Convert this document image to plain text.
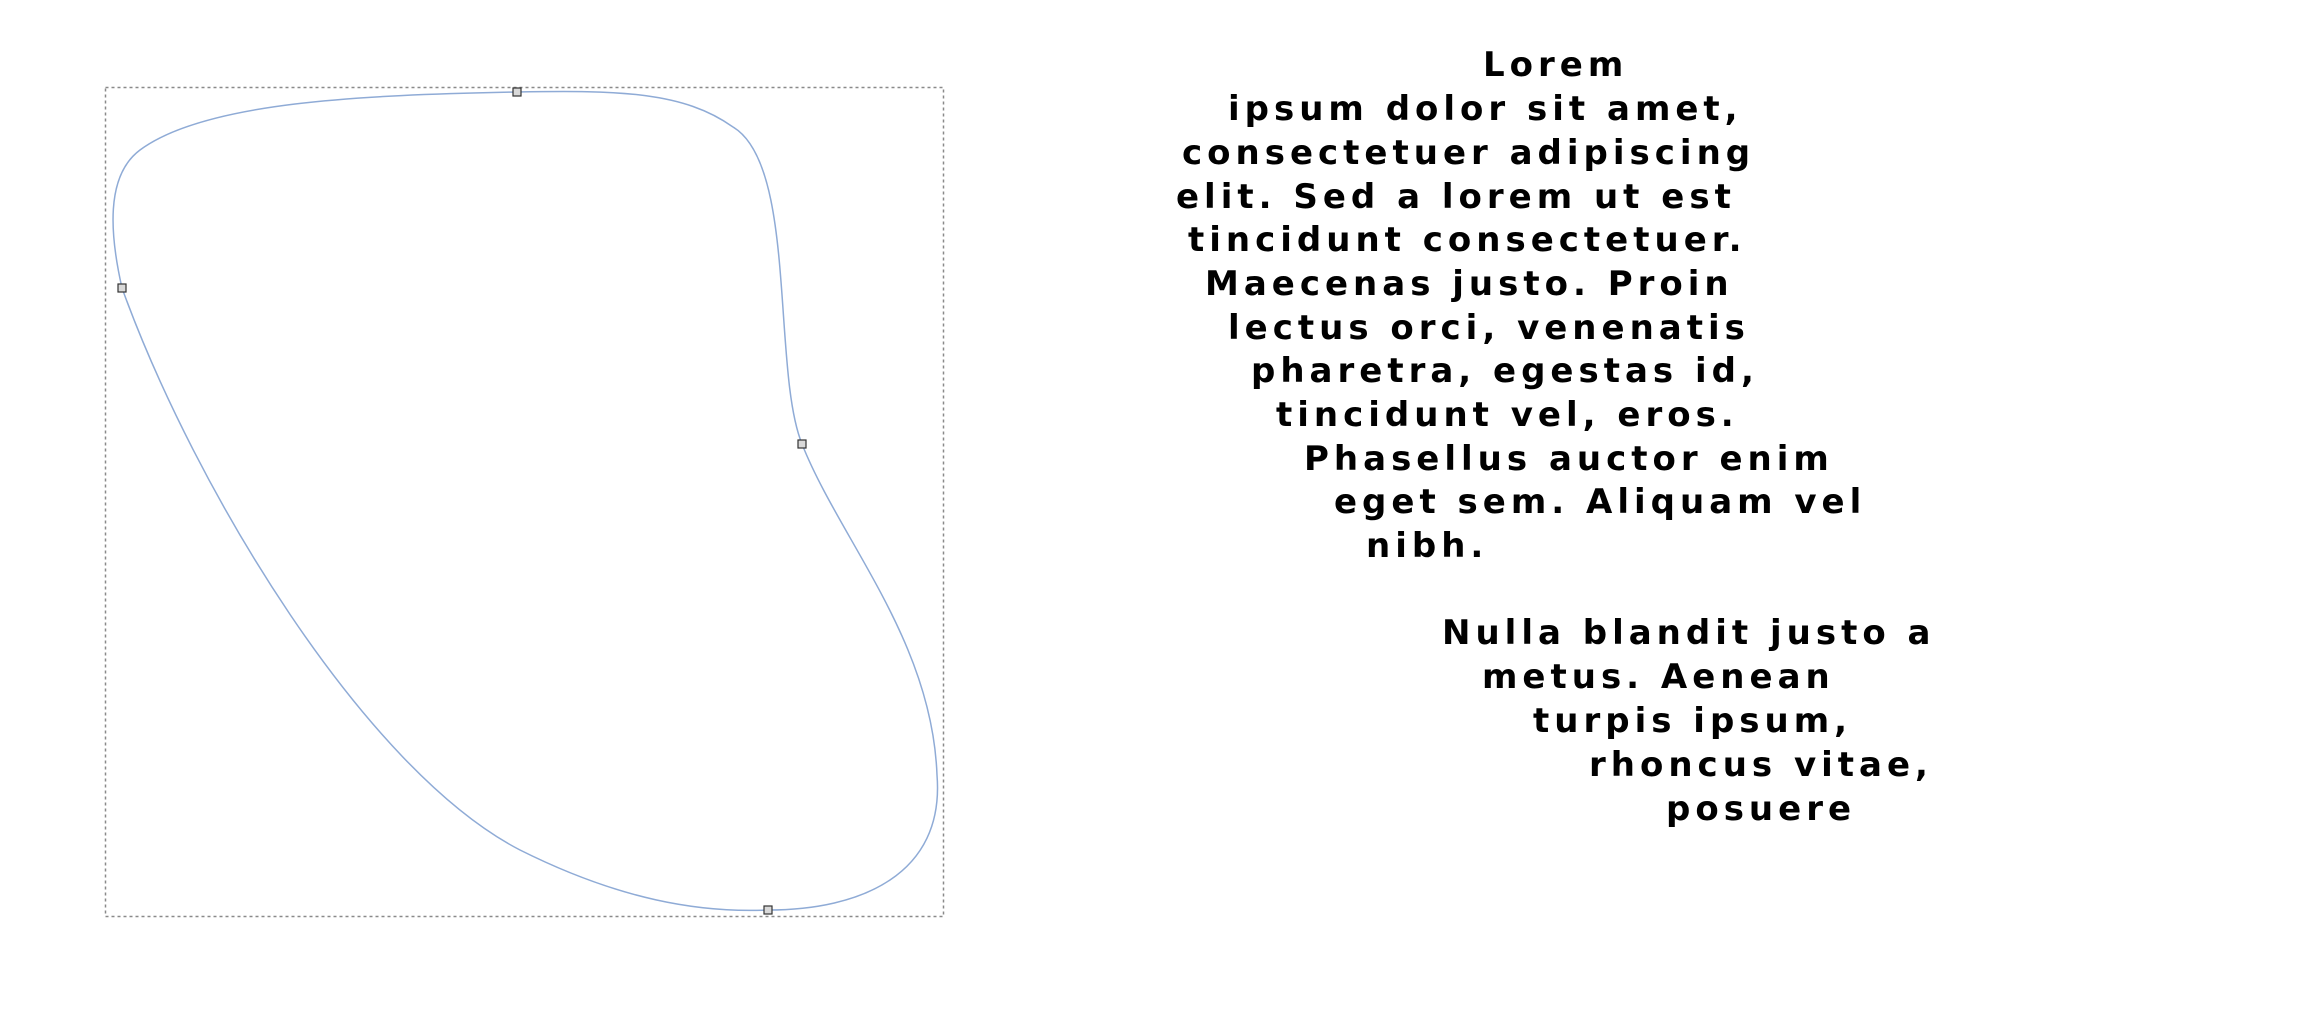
Lorem

ipsum dolor sit amet,

consectetuer adipiscing

elit. Sed a lorem ut est

tincidunt consectetuer.

Maecenas justo. Proin

lectus orci, venenatis

pharetra, egestas id,

tincidunt vel, eros.

Phasellus auctor enim

eget sem. Aliquam vel

nibh.

Nulla blandit justo a

metus. Aenean

turpis ipsum,

rhoncus vitae,

posuere
